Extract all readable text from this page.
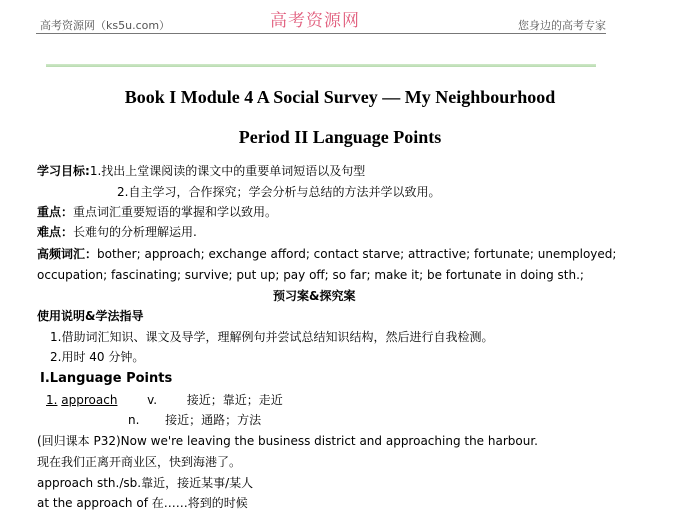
高考资源网（ks5u.com）	高考资源网	您身边的高考专家
Book I Module 4 A Social Survey — My Neighbourhood
Period II Language Points
学习目标:1.找出上堂课阅读的课文中的重要单词短语以及句型
2.自主学习，合作探究；学会分析与总结的方法并学以致用。
重点：重点词汇重要短语的掌握和学以致用。
难点：长难句的分析理解运用.
高频词汇：bother; approach; exchange afford; contact starve; attractive; fortunate; unemployed;
occupation; fascinating; survive; put up; pay off; so far; make it; be fortunate in doing sth.;
预习案&探究案
使用说明&学法指导
1.借助词汇知识、课文及导学，理解例句并尝试总结知识结构，然后进行自我检测。
2.用时 40 分钟。
Ⅰ.Language Points
1. approach v. 接近；靠近；走近
n. 接近；通路；方法
(回归课本 P32)Now we're leaving the business district and approaching the harbour.
现在我们正离开商业区，快到海港了。
approach sth./sb.靠近，接近某事/某人
at the approach of 在……将到的时候
